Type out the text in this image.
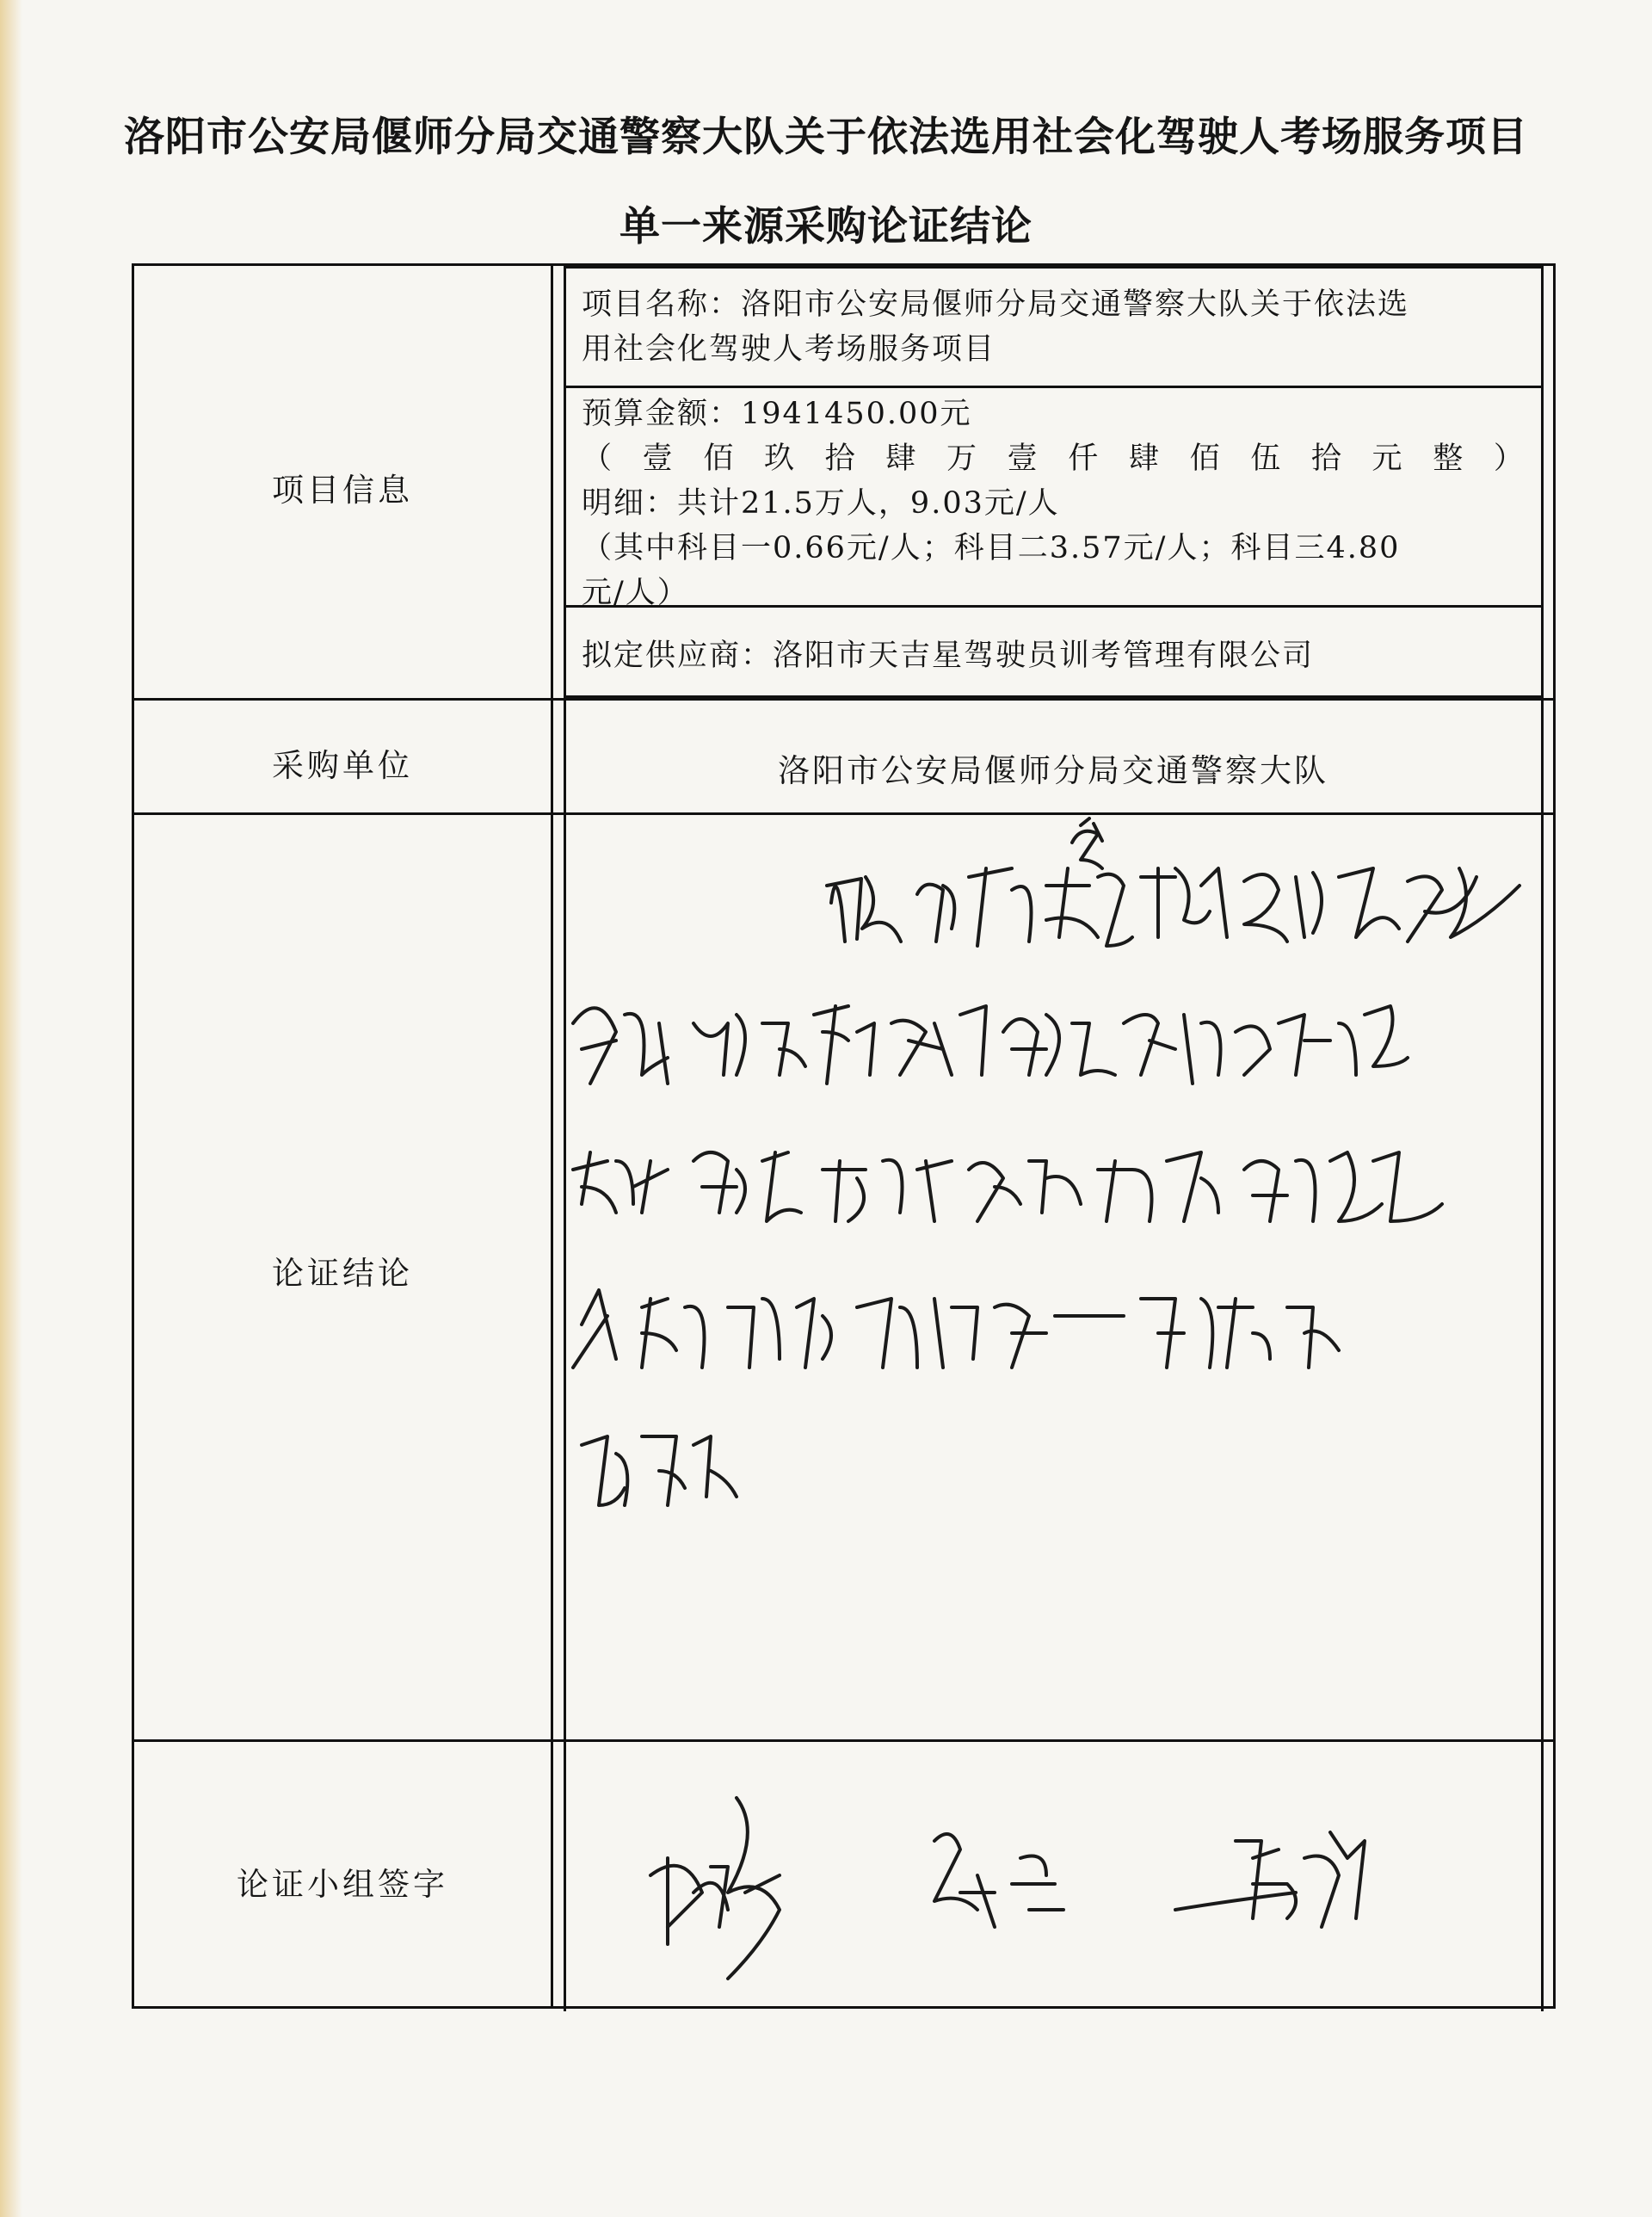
洛阳市公安局偃师分局交通警察大队关于依法选用社会化驾驶人考场服务项目
单一来源采购论证结论
项目信息
项目名称：洛阳市公安局偃师分局交通警察大队关于依法选
用社会化驾驶人考场服务项目
预算金额：1941450.00元
（ 壹 佰 玖 拾 肆 万 壹 仟 肆 佰 伍 拾 元 整 ）
明细：共计21.5万人，9.03元/人
（其中科目一0.66元/人；科目二3.57元/人；科目三4.80
元/人）
拟定供应商：洛阳市天吉星驾驶员训考管理有限公司
采购单位	洛阳市公安局偃师分局交通警察大队
论证结论
论证小组签字
